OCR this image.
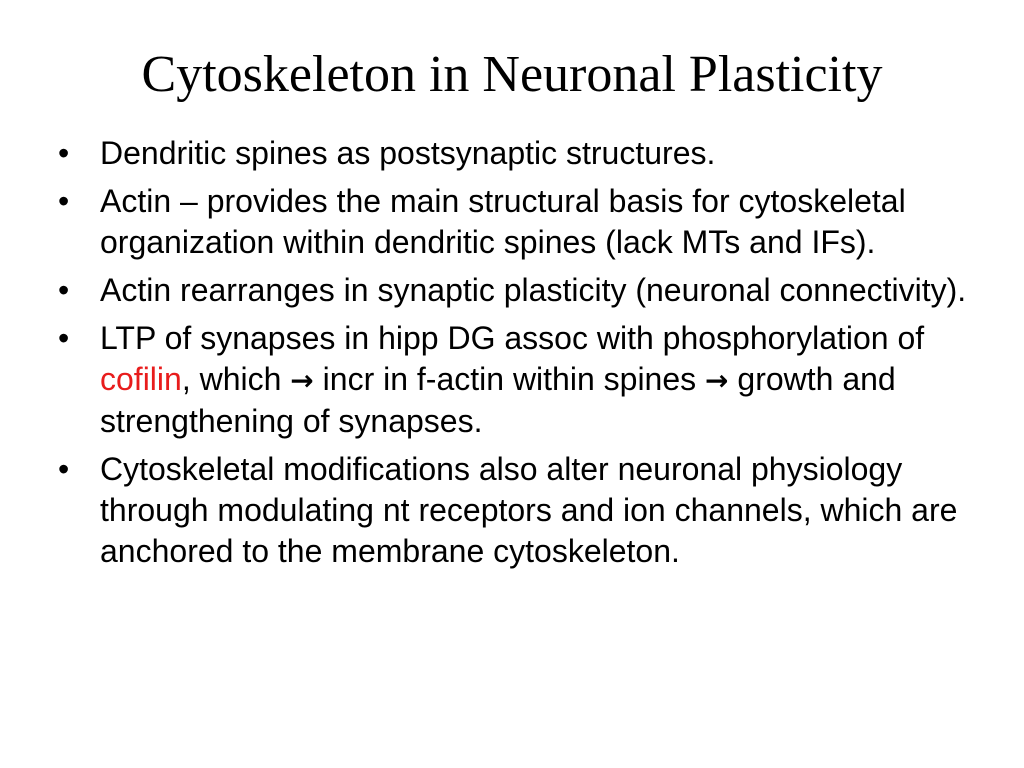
Cytoskeleton in Neuronal Plasticity
• Dendritic spines as postsynaptic structures.
• Actin – provides the main structural basis for cytoskeletal organization within dendritic spines (lack MTs and IFs).
• Actin rearranges in synaptic plasticity (neuronal connectivity).
• LTP of synapses in hipp DG assoc with phosphorylation of cofilin, which → incr in f-actin within spines → growth and strengthening of synapses.
• Cytoskeletal modifications also alter neuronal physiology through modulating nt receptors and ion channels, which are anchored to the membrane cytoskeleton.
